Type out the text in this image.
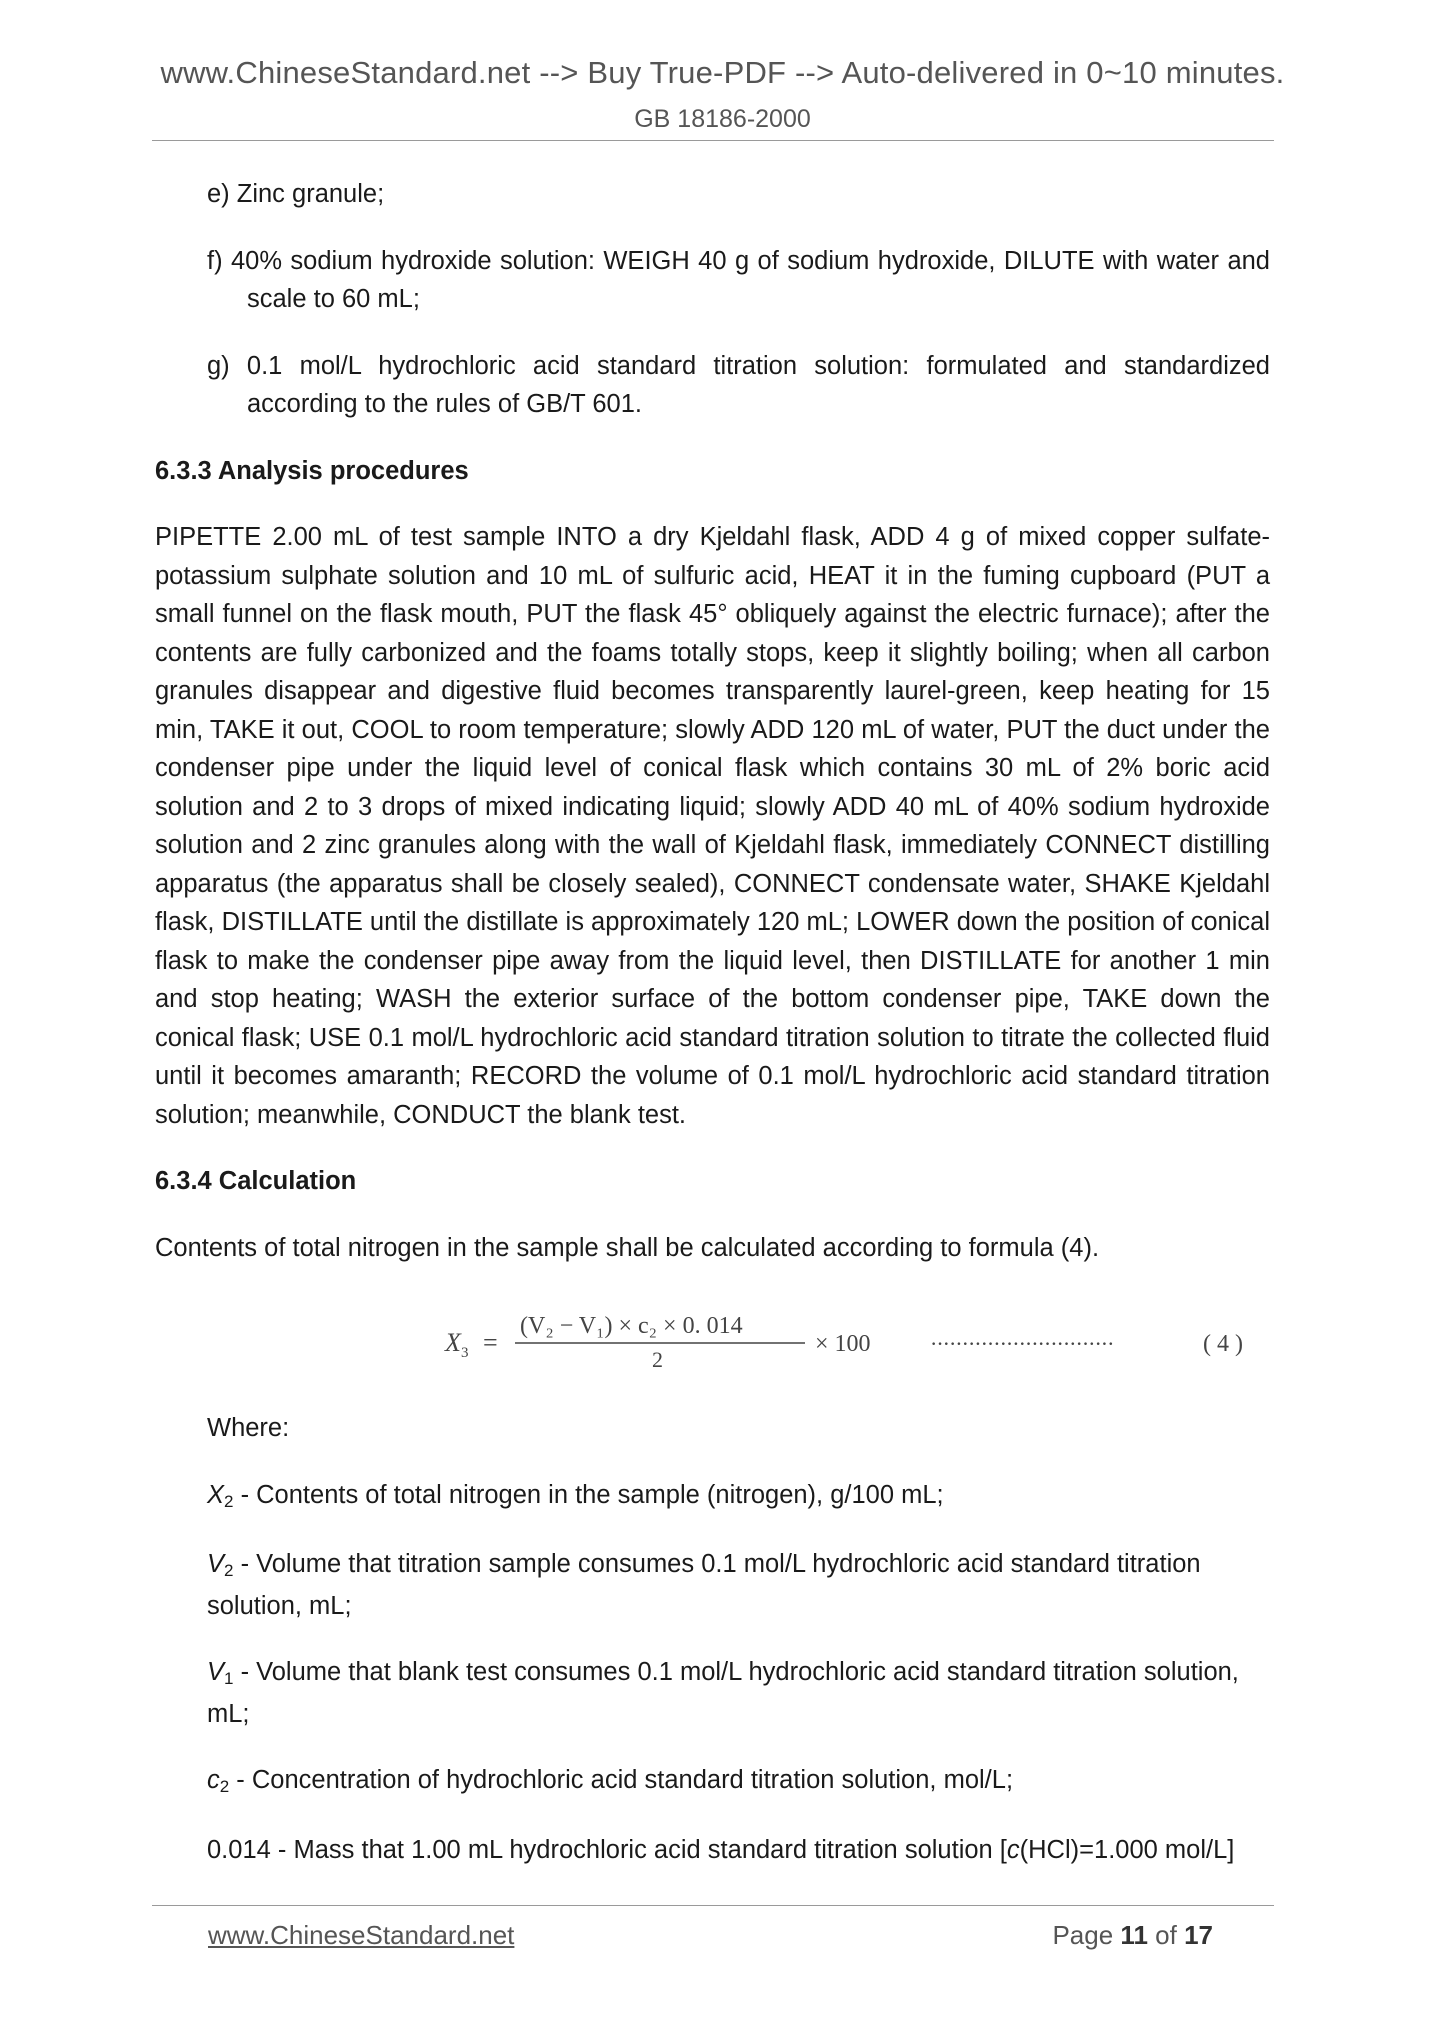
www.ChineseStandard.net --> Buy True-PDF --> Auto-delivered in 0~10 minutes.
GB 18186-2000
e) Zinc granule;
f) 40% sodium hydroxide solution: WEIGH 40 g of sodium hydroxide, DILUTE with water and scale to 60 mL;
g) 0.1 mol/L hydrochloric acid standard titration solution: formulated and standardized according to the rules of GB/T 601.
6.3.3 Analysis procedures
PIPETTE 2.00 mL of test sample INTO a dry Kjeldahl flask, ADD 4 g of mixed copper sulfate-potassium sulphate solution and 10 mL of sulfuric acid, HEAT it in the fuming cupboard (PUT a small funnel on the flask mouth, PUT the flask 45° obliquely against the electric furnace); after the contents are fully carbonized and the foams totally stops, keep it slightly boiling; when all carbon granules disappear and digestive fluid becomes transparently laurel-green, keep heating for 15 min, TAKE it out, COOL to room temperature; slowly ADD 120 mL of water, PUT the duct under the condenser pipe under the liquid level of conical flask which contains 30 mL of 2% boric acid solution and 2 to 3 drops of mixed indicating liquid; slowly ADD 40 mL of 40% sodium hydroxide solution and 2 zinc granules along with the wall of Kjeldahl flask, immediately CONNECT distilling apparatus (the apparatus shall be closely sealed), CONNECT condensate water, SHAKE Kjeldahl flask, DISTILLATE until the distillate is approximately 120 mL; LOWER down the position of conical flask to make the condenser pipe away from the liquid level, then DISTILLATE for another 1 min and stop heating; WASH the exterior surface of the bottom condenser pipe, TAKE down the conical flask; USE 0.1 mol/L hydrochloric acid standard titration solution to titrate the collected fluid until it becomes amaranth; RECORD the volume of 0.1 mol/L hydrochloric acid standard titration solution; meanwhile, CONDUCT the blank test.
6.3.4 Calculation
Contents of total nitrogen in the sample shall be calculated according to formula (4).
X 3 =
(V₂ − V₁) × c₂ × 0. 014
2
× 100	·····························	( 4 )
Where:
X2 - Contents of total nitrogen in the sample (nitrogen), g/100 mL;
V2 - Volume that titration sample consumes 0.1 mol/L hydrochloric acid standard titration solution, mL;
V1 - Volume that blank test consumes 0.1 mol/L hydrochloric acid standard titration solution, mL;
c2 - Concentration of hydrochloric acid standard titration solution, mol/L;
0.014 - Mass that 1.00 mL hydrochloric acid standard titration solution [c(HCl)=1.000 mol/L]
www.ChineseStandard.net	Page 11 of 17
